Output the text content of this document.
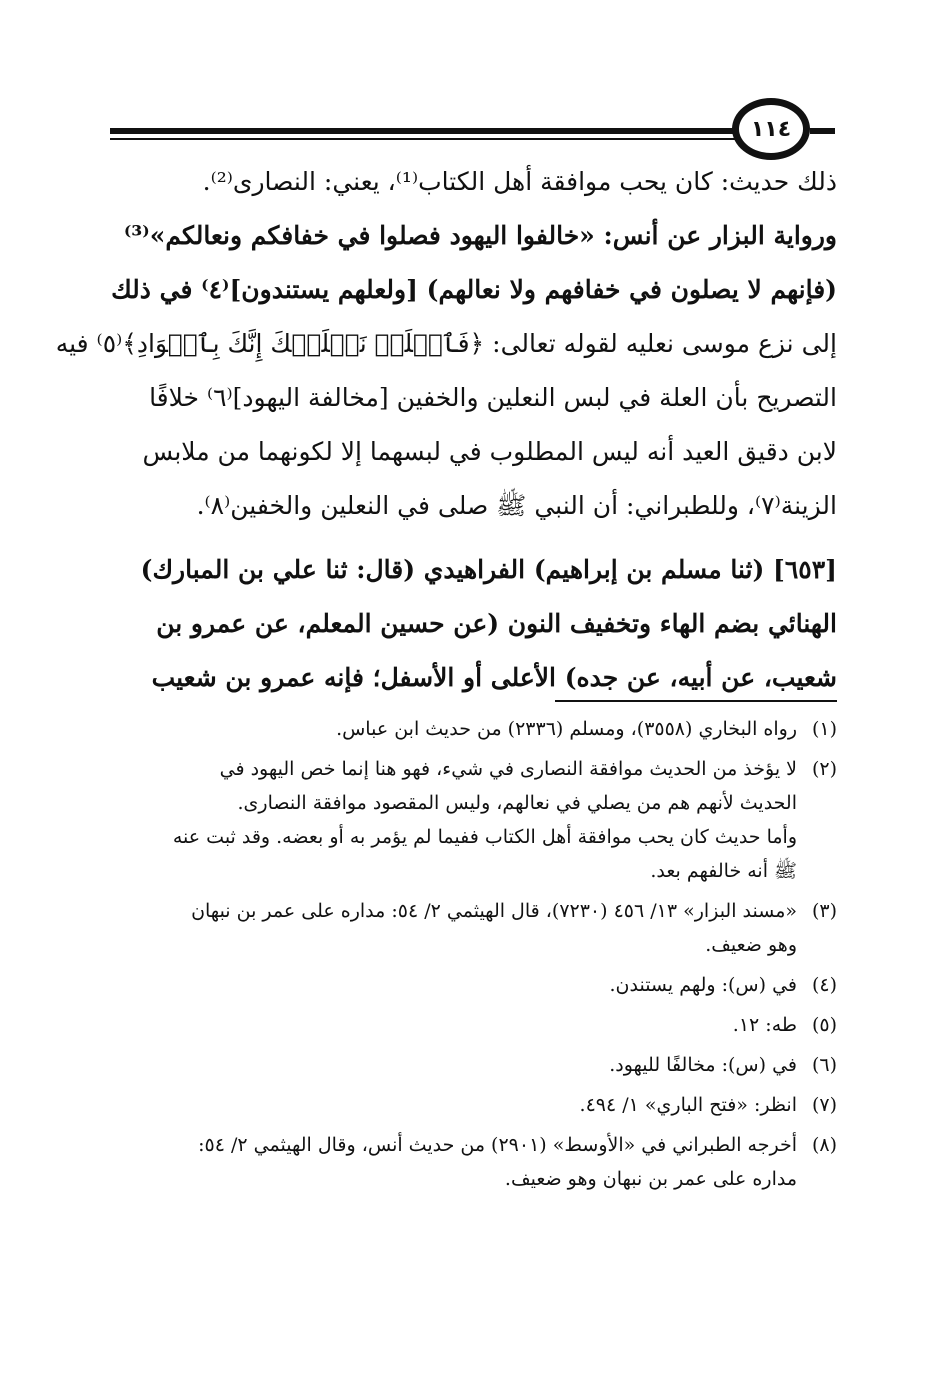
١١٤

ذلك حديث: كان يحب موافقة أهل الكتاب⁽¹⁾، يعني: النصارى⁽²⁾.

ورواية البزار عن أنس: «خالفوا اليهود فصلوا في خفافكم ونعالكم»⁽³⁾

(فإنهم لا يصلون في خفافهم ولا نعالهم) [ولعلهم يستندون]⁽٤⁾ في ذلك

إلى نزع موسى نعليه لقوله تعالى: ﴿فَٱخۡلَعۡ نَعۡلَيۡكَ إِنَّكَ بِٱلۡوَادِ﴾⁽٥⁾ فيه

التصريح بأن العلة في لبس النعلين والخفين [مخالفة اليهود]⁽٦⁾ خلافًا

لابن دقيق العيد أنه ليس المطلوب في لبسهما إلا لكونهما من ملابس

الزينة⁽٧⁾، وللطبراني: أن النبي ﷺ صلى في النعلين والخفين⁽٨⁾.

[٦٥٣] (ثنا مسلم بن إبراهيم) الفراهيدي (قال: ثنا علي بن المبارك)

الهنائي بضم الهاء وتخفيف النون (عن حسين المعلم، عن عمرو بن

شعيب، عن أبيه، عن جده) الأعلى أو الأسفل؛ فإنه عمرو بن شعيب

(١)
رواه البخاري (٣٥٥٨)، ومسلم (٢٣٣٦) من حديث ابن عباس.
(٢)
لا يؤخذ من الحديث موافقة النصارى في شيء، فهو هنا إنما خص اليهود في
الحديث لأنهم هم من يصلي في نعالهم، وليس المقصود موافقة النصارى.
وأما حديث كان يحب موافقة أهل الكتاب ففيما لم يؤمر به أو بعضه. وقد ثبت عنه
ﷺ أنه خالفهم بعد.
(٣)
«مسند البزار» ١٣/ ٤٥٦ (٧٢٣٠)، قال الهيثمي ٢/ ٥٤: مداره على عمر بن نبهان
وهو ضعيف.
(٤)
في (س): ولهم يستندن.
(٥)
طه: ١٢.
(٦)
في (س): مخالفًا لليهود.
(٧)
انظر: «فتح الباري» ١/ ٤٩٤.
(٨)
أخرجه الطبراني في «الأوسط» (٢٩٠١) من حديث أنس، وقال الهيثمي ٢/ ٥٤:
مداره على عمر بن نبهان وهو ضعيف.
